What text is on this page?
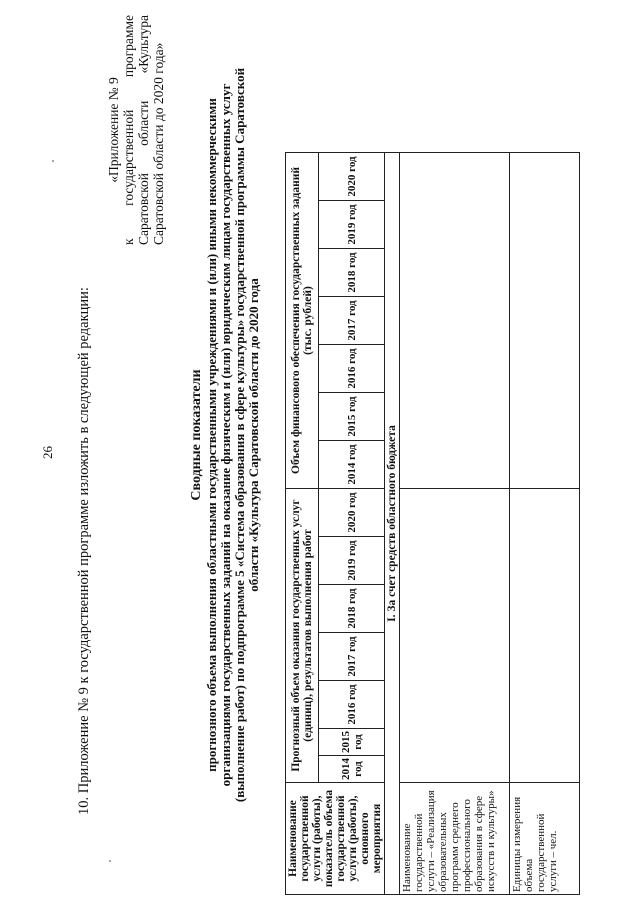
26 10. Приложение № 9 к государственной программе изложить в следующей редакции:
«Приложение № 9 к государственной программе Саратовской области «Культура Саратовской области до 2020 года»
Сводные показатели прогнозного объема выполнения областными государственными учреждениями и (или) иными некоммерческими организациями государственных заданий на оказание физическим и (или) юридическим лицам государственных услуг (выполнение работ) по подпрограмме 5 «Система образования в сфере культуры» государственной программы Саратовской области «Культура Саратовской области до 2020 года
Наименование государственной услуги (работы), показатель объема государственной услуги (работы), основного мероприятия	Прогнозный объем оказания государственных услуг (единиц), результатов выполнения работ							Объем финансового обеспечения государственных заданий (тыс. рублей)						
	2014 год	2015 год	2016 год	2017 год	2018 год	2019 год	2020 год	2014 год	2015 год	2016 год	2017 год	2018 год	2019 год	2020 год
I. За счет средств областного бюджета														
Наименование государственной услуги – «Реализация образовательных программ среднего профессионального образования в сфере искусств и культуры»														
Единицы измерения объема государственной услуги – чел.														
